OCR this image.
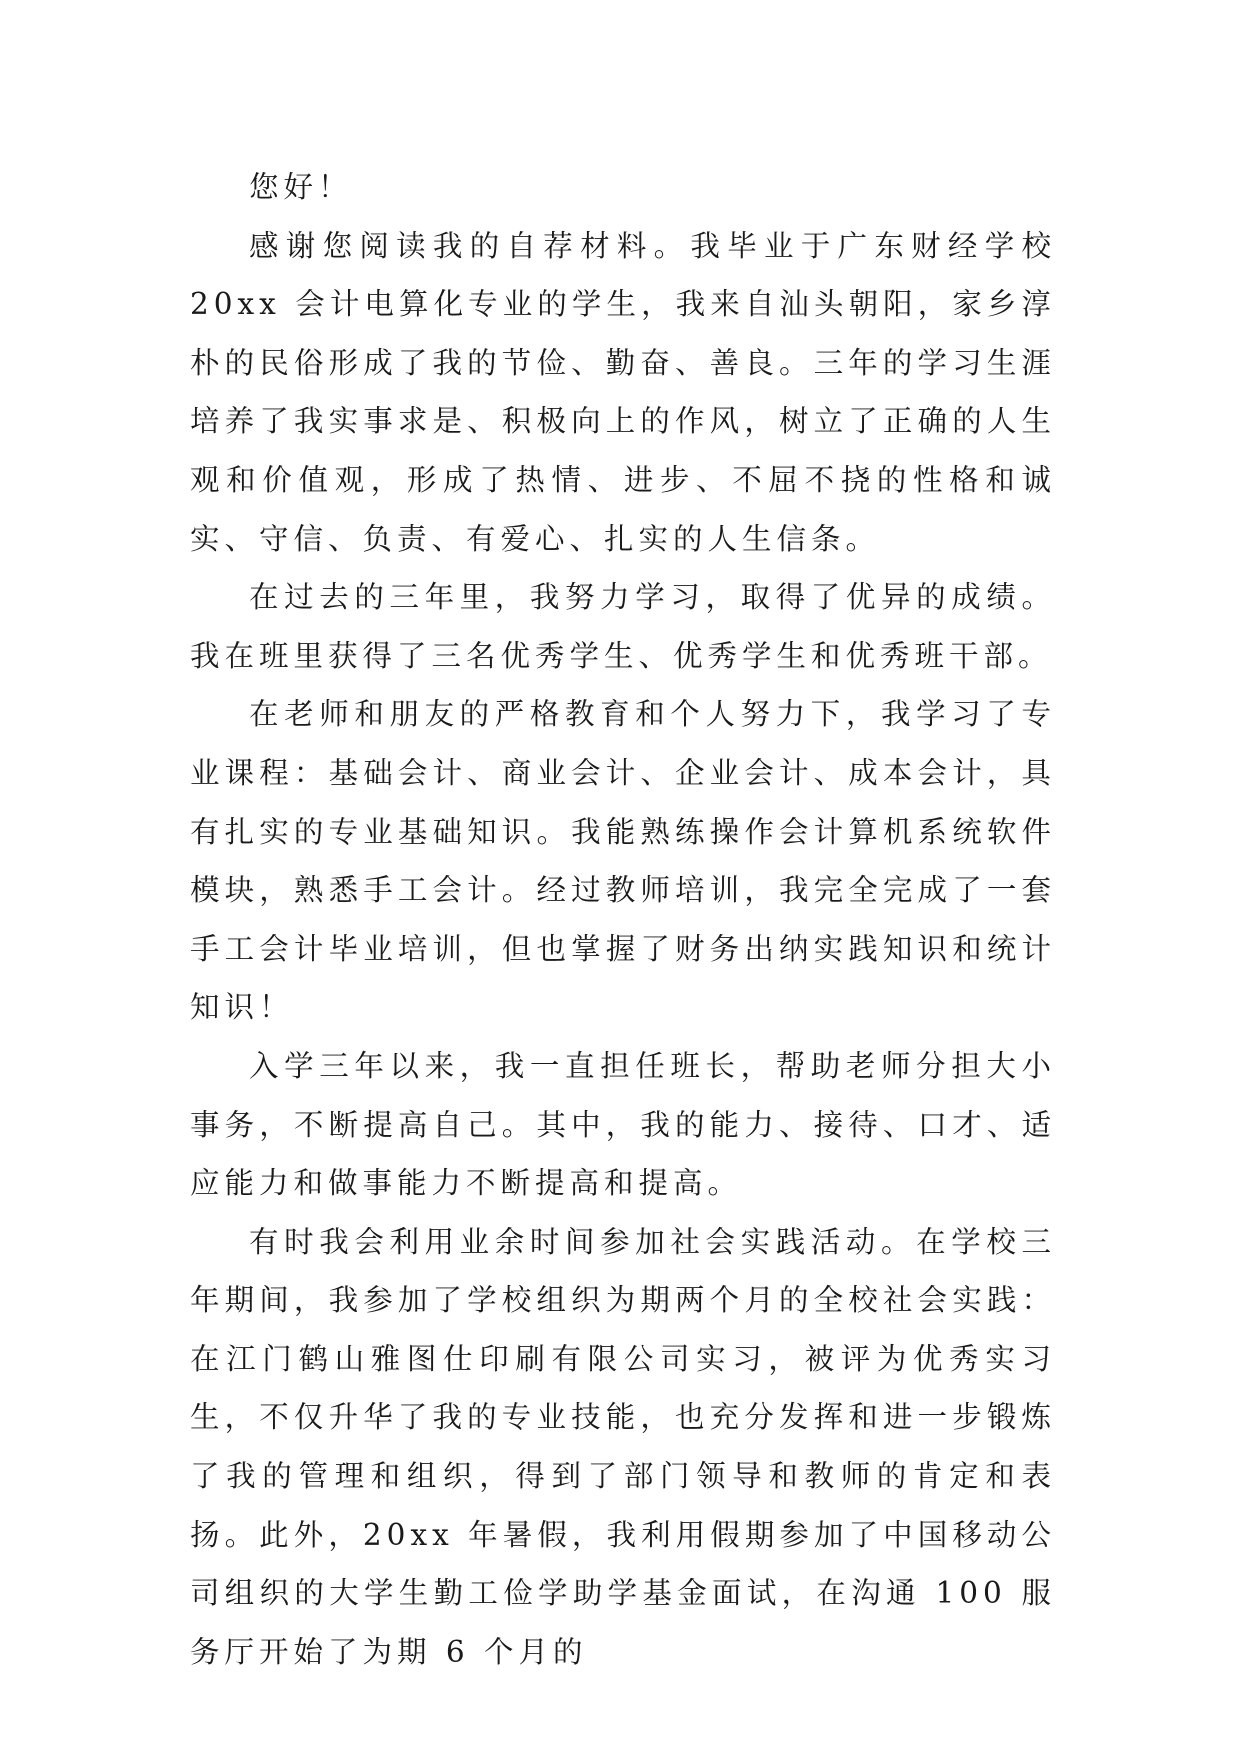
您好！

感谢您阅读我的自荐材料。我毕业于广东财经学校 20xx 会计电算化专业的学生，我来自汕头朝阳，家乡淳朴的民俗形成了我的节俭、勤奋、善良。三年的学习生涯培养了我实事求是、积极向上的作风，树立了正确的人生观和价值观，形成了热情、进步、不屈不挠的性格和诚实、守信、负责、有爱心、扎实的人生信条。

在过去的三年里，我努力学习，取得了优异的成绩。我在班里获得了三名优秀学生、优秀学生和优秀班干部。

在老师和朋友的严格教育和个人努力下，我学习了专业课程：基础会计、商业会计、企业会计、成本会计，具有扎实的专业基础知识。我能熟练操作会计算机系统软件模块，熟悉手工会计。经过教师培训，我完全完成了一套手工会计毕业培训，但也掌握了财务出纳实践知识和统计知识！

入学三年以来，我一直担任班长，帮助老师分担大小事务，不断提高自己。其中，我的能力、接待、口才、适应能力和做事能力不断提高和提高。

有时我会利用业余时间参加社会实践活动。在学校三年期间，我参加了学校组织为期两个月的全校社会实践：在江门鹤山雅图仕印刷有限公司实习，被评为优秀实习生，不仅升华了我的专业技能，也充分发挥和进一步锻炼了我的管理和组织，得到了部门领导和教师的肯定和表扬。此外，20xx 年暑假，我利用假期参加了中国移动公司组织的大学生勤工俭学助学基金面试，在沟通 100 服务厅开始了为期 6 个月的
